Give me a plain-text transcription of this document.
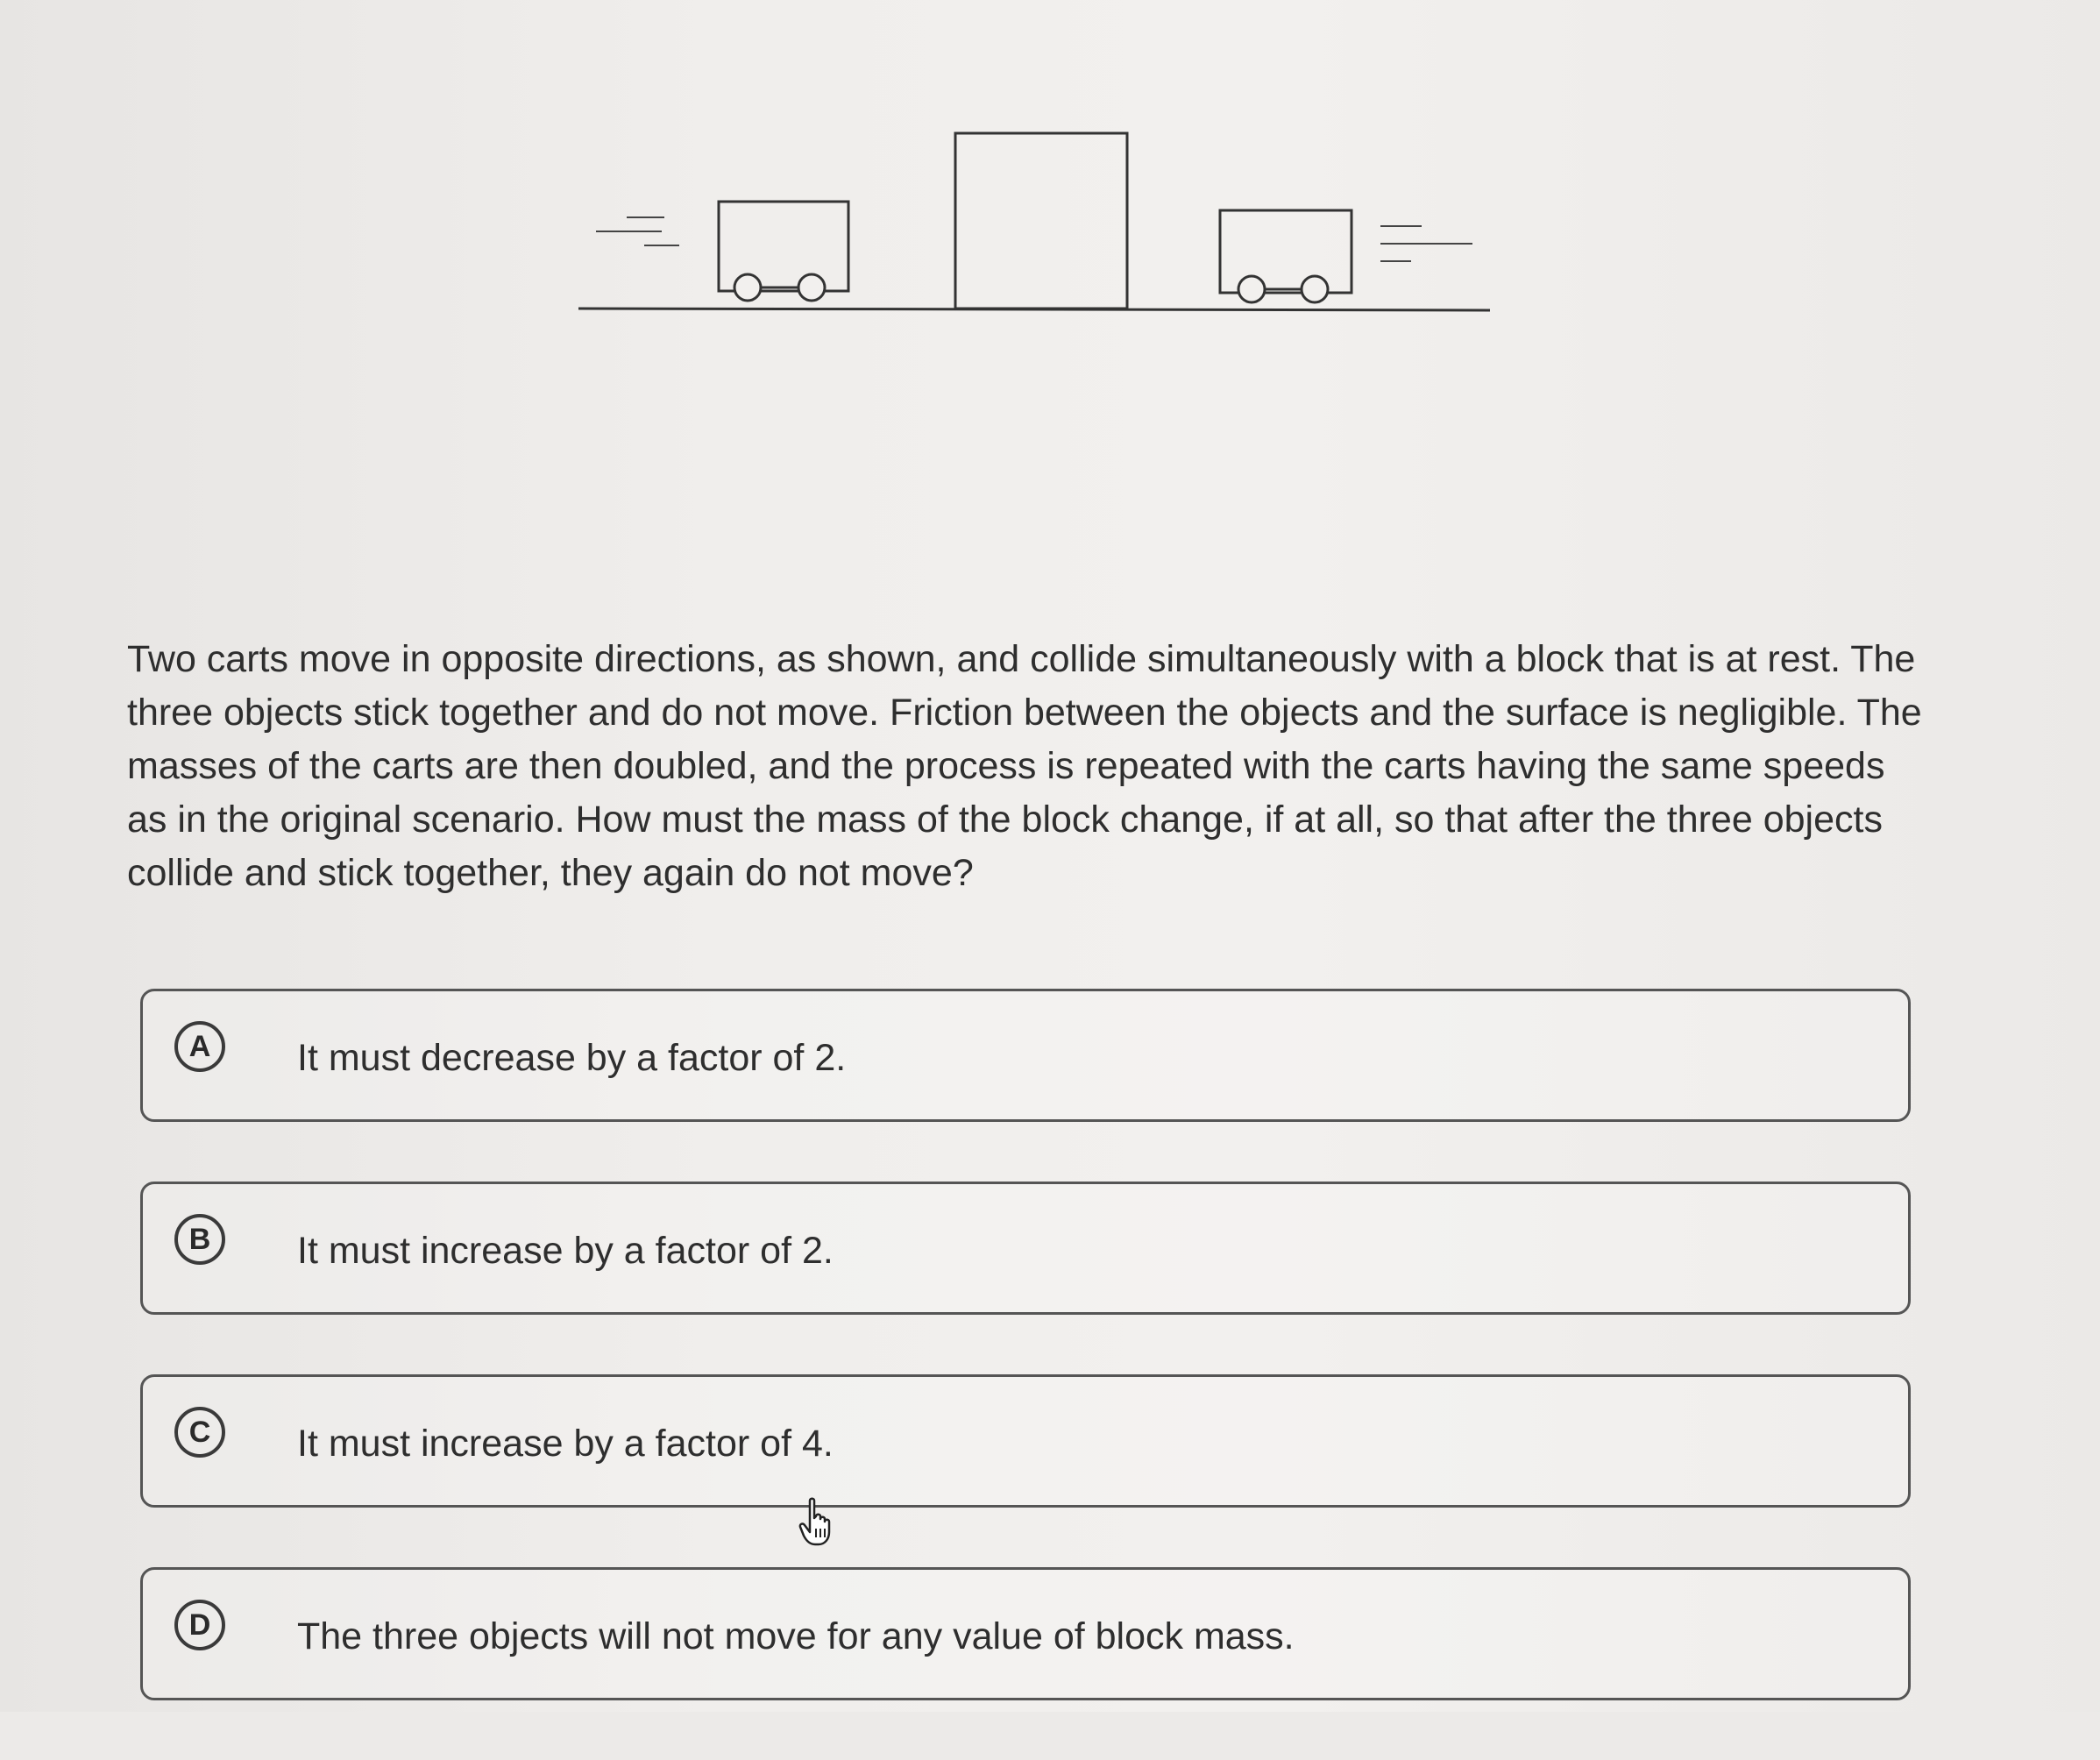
Two carts move in opposite directions, as shown, and collide simultaneously with a block that is at rest. The three objects stick together and do not move. Friction between the objects and the surface is negligible. The masses of the carts are then doubled, and the process is repeated with the carts having the same speeds as in the original scenario. How must the mass of the block change, if at all, so that after the three objects collide and stick together, they again do not move?

A	It must decrease by a factor of 2.
B	It must increase by a factor of 2.
C	It must increase by a factor of 4.
D	The three objects will not move for any value of block mass.
